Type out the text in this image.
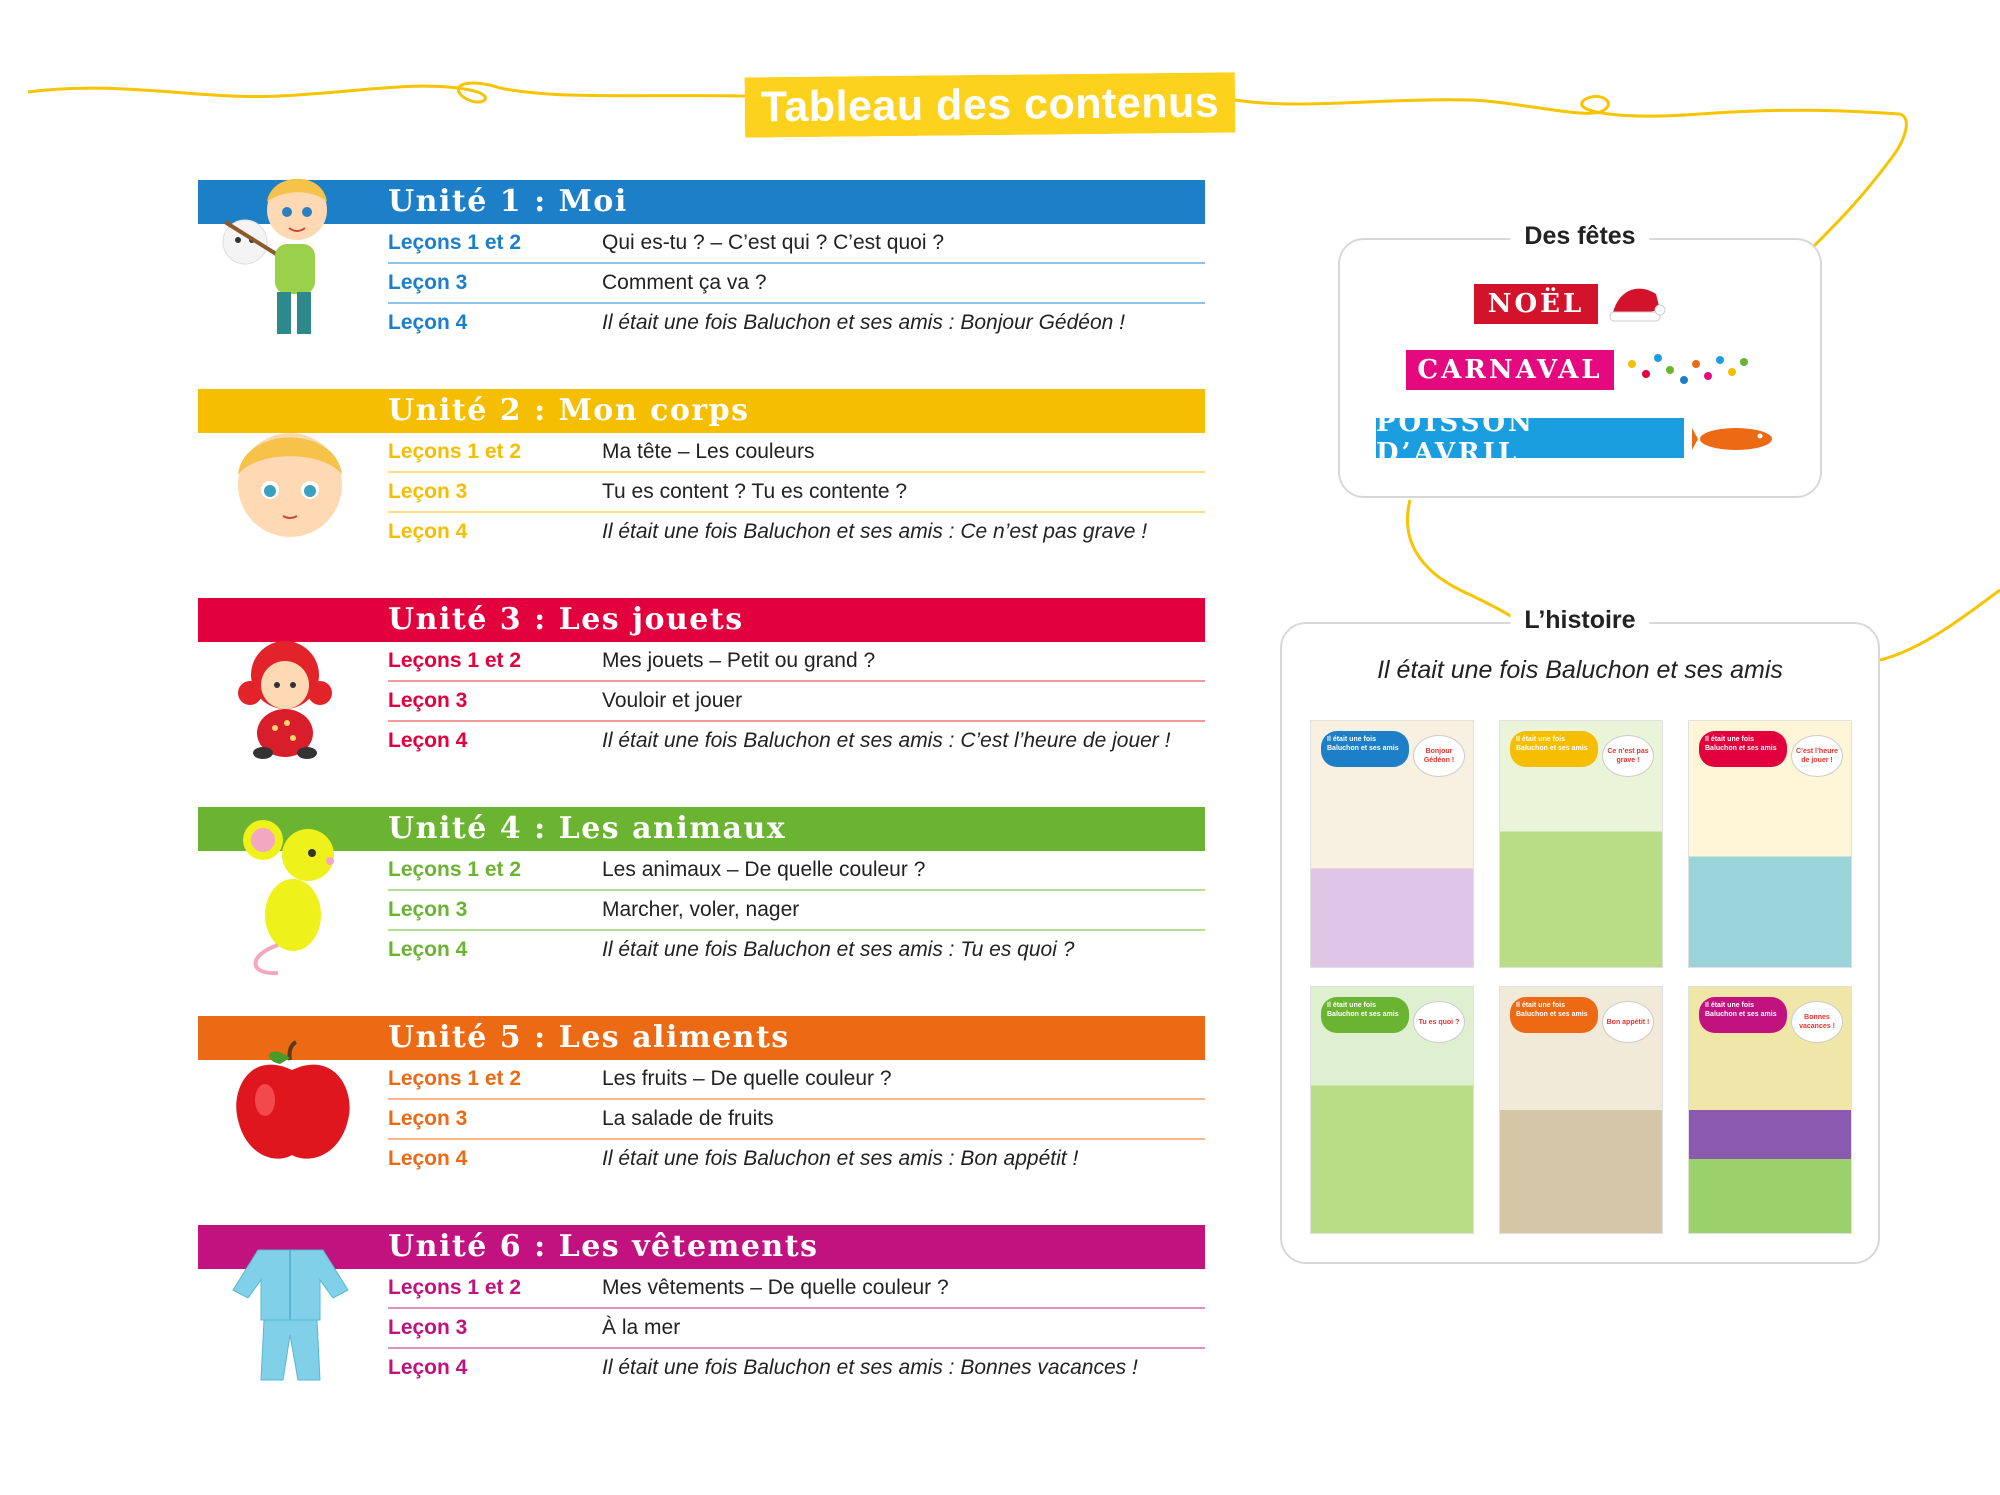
Tableau des contenus
Unité 1 : Moi
Leçons 1 et 2	Qui es-tu ? – C’est qui ? C’est quoi ?
Leçon 3	Comment ça va ?
Leçon 4	Il était une fois Baluchon et ses amis : Bonjour Gédéon !
Unité 2 : Mon corps
Leçons 1 et 2	Ma tête – Les couleurs
Leçon 3	Tu es content ? Tu es contente ?
Leçon 4	Il était une fois Baluchon et ses amis : Ce n’est pas grave !
Unité 3 : Les jouets
Leçons 1 et 2	Mes jouets – Petit ou grand ?
Leçon 3	Vouloir et jouer
Leçon 4	Il était une fois Baluchon et ses amis : C’est l’heure de jouer !
Unité 4 : Les animaux
Leçons 1 et 2	Les animaux – De quelle couleur ?
Leçon 3	Marcher, voler, nager
Leçon 4	Il était une fois Baluchon et ses amis : Tu es quoi ?
Unité 5 : Les aliments
Leçons 1 et 2	Les fruits – De quelle couleur ?
Leçon 3	La salade de fruits
Leçon 4	Il était une fois Baluchon et ses amis : Bon appétit !
Unité 6 : Les vêtements
Leçons 1 et 2	Mes vêtements – De quelle couleur ?
Leçon 3	À la mer
Leçon 4	Il était une fois Baluchon et ses amis : Bonnes vacances !
Des fêtes
NOËL
CARNAVAL
POISSON D’AVRIL
L’histoire
Il était une fois Baluchon et ses amis
Il était une fois Baluchon et ses amis	Bonjour Gédéon !
Il était une fois Baluchon et ses amis	Ce n’est pas grave !
Il était une fois Baluchon et ses amis	C’est l’heure de jouer !
Il était une fois Baluchon et ses amis
Tu es quoi ?
Il était une fois Baluchon et ses amis
Bon appétit !
Il était une fois Baluchon et ses amis	Bonnes vacances !
